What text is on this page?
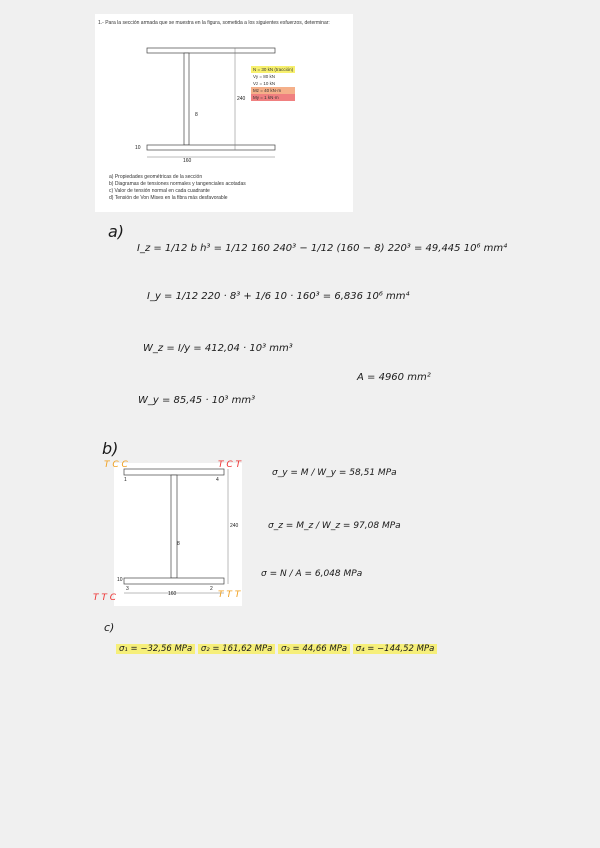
1.- Para la sección armada que se muestra en la figura, sometida a los siguientes esfuerzos, determinar:
240
8
10
160
a) Propiedades geométricas de la sección
b) Diagramas de tensiones normales y tangenciales acotadas
c) Valor de tensión normal en cada cuadrante
d) Tensión de Von Mises en la fibra más desfavorable
N = 30 kN (tracción)
Vy = 80 kN
Vz = 10 kN
Mz = 40 kN·m
My = 1 kN·m
a)
I_z = 1/12 b h³ = 1/12 160 240³ − 1/12 (160 − 8) 220³ = 49,445 10⁶ mm⁴
I_y = 1/12 220 · 8³ + 1/6 10 · 160³ = 6,836 10⁶ mm⁴
W_z = I/y = 412,04 · 10³ mm³
A = 4960 mm²
W_y = 85,45 · 10³ mm³
b)
240
8
10
160
1	4
3	2
T C C	T C T
T T C	T T T
σ_y = M / W_y = 58,51 MPa
σ_z = M_z / W_z = 97,08 MPa
σ = N / A = 6,048 MPa
c)
σ₁ = −32,56 MPa σ₂ = 161,62 MPa σ₃ = 44,66 MPa σ₄ = −144,52 MPa
